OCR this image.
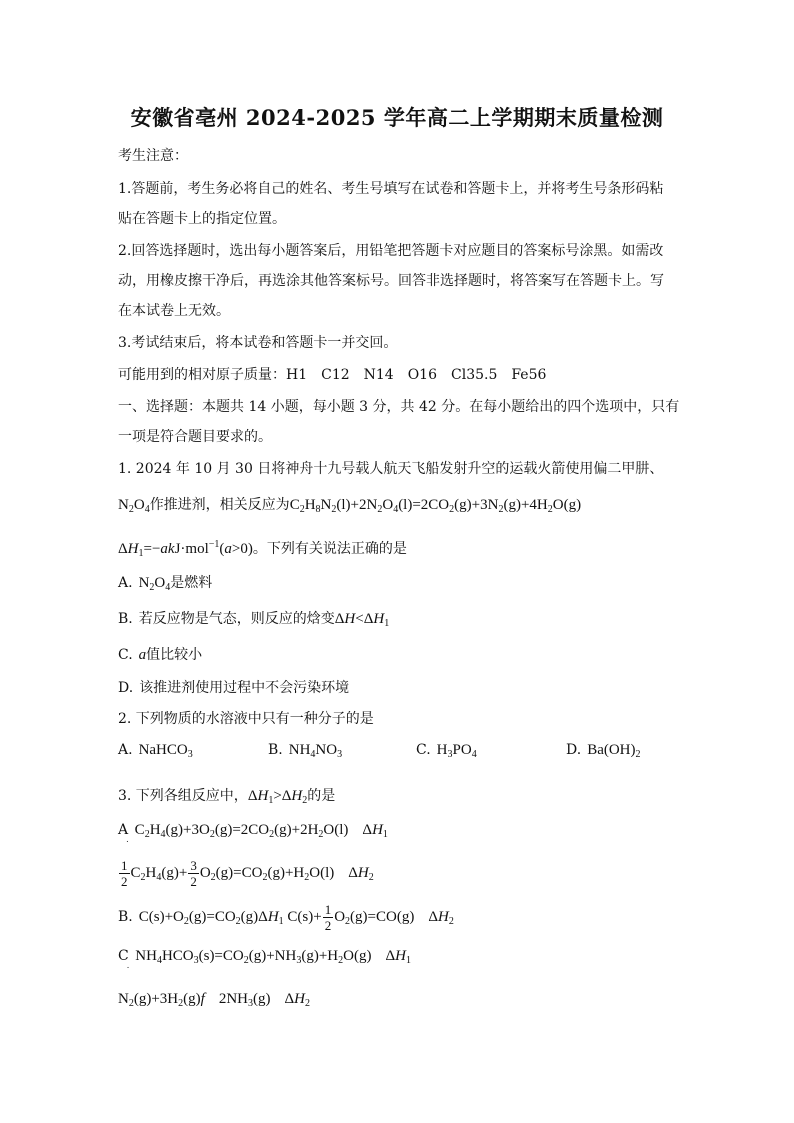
安徽省亳州 2024-2025 学年高二上学期期末质量检测
考生注意：
1.答题前，考生务必将自己的姓名、考生号填写在试卷和答题卡上，并将考生号条形码粘
贴在答题卡上的指定位置。
2.回答选择题时，选出每小题答案后，用铅笔把答题卡对应题目的答案标号涂黑。如需改
动，用橡皮擦干净后，再选涂其他答案标号。回答非选择题时，将答案写在答题卡上。写
在本试卷上无效。
3.考试结束后，将本试卷和答题卡一并交回。
可能用到的相对原子质量：H1　C12　N14　O16　Cl35.5　Fe56
一、选择题：本题共 14 小题，每小题 3 分，共 42 分。在每小题给出的四个选项中，只有
一项是符合题目要求的。
1. 2024 年 10 月 30 日将神舟十九号载人航天飞船发射升空的运载火箭使用偏二甲肼、
$N_2O_4$作推进剂，相关反应为$C_2H_8N_2(l)+2N_2O_4(l)=2CO_2(g)+3N_2(g)+4H_2O(g)$
$\Delta H_1=-akJ\cdot mol^{-1}(a>0)$。下列有关说法正确的是
A. $N_2O_4$是燃料
B. 若反应物是气态，则反应的焓变$\Delta H<\Delta H_1$
C. a值比较小
D. 该推进剂使用过程中不会污染环境
2. 下列物质的水溶液中只有一种分子的是
A. NaHCO$_3$	B. $NH_4NO_3$	C. $H_3PO_4$	D. $Ba(OH)_2$
3. 下列各组反应中，$\Delta H_1>\Delta H_2$的是
$A_.C_2H_4(g)+3O_2(g)=2CO_2(g)+2H_2O(l)$ $\Delta H_1$
$\frac{1}{2} C_2H_4(g)+ \frac{3}{2} O_2(g)=CO_2(g)+H_2O(l)$ $\Delta H_2$
B. $C(s)+O_2(g)=CO_2(g)\Delta H_1$ $C(s)+ \frac{1}{2} O_2(g)=CO(g)$ $\Delta H_2$
$C_.NH_4HCO_3(s)=CO_2(g)+NH_3(g)+H_2O(g)$ $\Delta H_1$
$N_2(g)+3H_2(g)f$ $2NH_3(g)$ $\Delta H_2$
